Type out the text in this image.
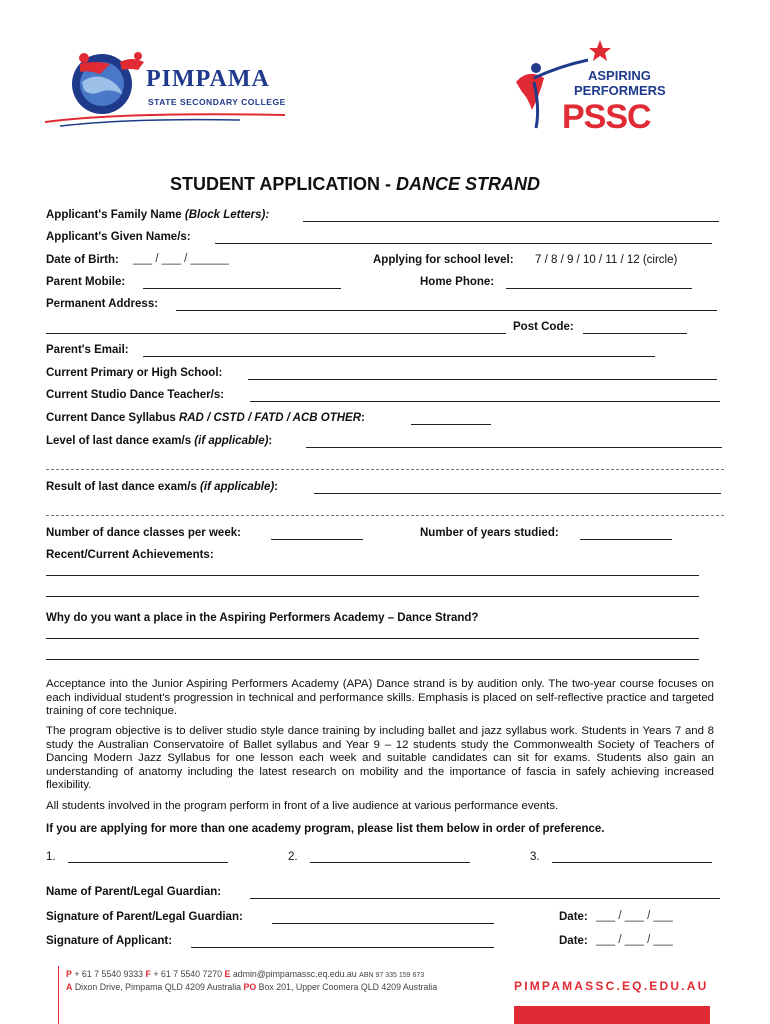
PIMPAMA
STATE SECONDARY COLLEGE
ASPIRING
PERFORMERS
PSSC
STUDENT APPLICATION - DANCE STRAND
Applicant's Family Name (Block Letters):
Applicant's Given Name/s:
Date of Birth: ___ / ___ / ______	Applying for school level: 7 / 8 / 9 / 10 / 11 / 12 (circle)
Parent Mobile:	Home Phone:
Permanent Address:
Post Code:
Parent's Email:
Current Primary or High School:
Current Studio Dance Teacher/s:
Current Dance Syllabus RAD / CSTD / FATD / ACB OTHER:
Level of last dance exam/s (if applicable):
Result of last dance exam/s (if applicable):
Number of dance classes per week:	Number of years studied:
Recent/Current Achievements:
Why do you want a place in the Aspiring Performers Academy – Dance Strand?
Acceptance into the Junior Aspiring Performers Academy (APA) Dance strand is by audition only. The two-year course focuses on each individual student's progression in technical and performance skills. Emphasis is placed on self-reflective practice and targeted training of core technique.
The program objective is to deliver studio style dance training by including ballet and jazz syllabus work. Students in Years 7 and 8 study the Australian Conservatoire of Ballet syllabus and Year 9 – 12 students study the Commonwealth Society of Teachers of Dancing Modern Jazz Syllabus for one lesson each week and suitable candidates can sit for exams. Students also gain an understanding of anatomy including the latest research on mobility and the importance of fascia in safely achieving increased flexibility.
All students involved in the program perform in front of a live audience at various performance events.
If you are applying for more than one academy program, please list them below in order of preference.
1.	2.	3.
Name of Parent/Legal Guardian:
Signature of Parent/Legal Guardian:	Date: ___ / ___ / ___
Signature of Applicant:	Date: ___ / ___ / ___
P + 61 7 5540 9333 F + 61 7 5540 7270 E admin@pimpamassc.eq.edu.au ABN 97 335 159 673
A Dixon Drive, Pimpama QLD 4209 Australia PO Box 201, Upper Coomera QLD 4209 Australia	PIMPAMASSC.EQ.EDU.AU
